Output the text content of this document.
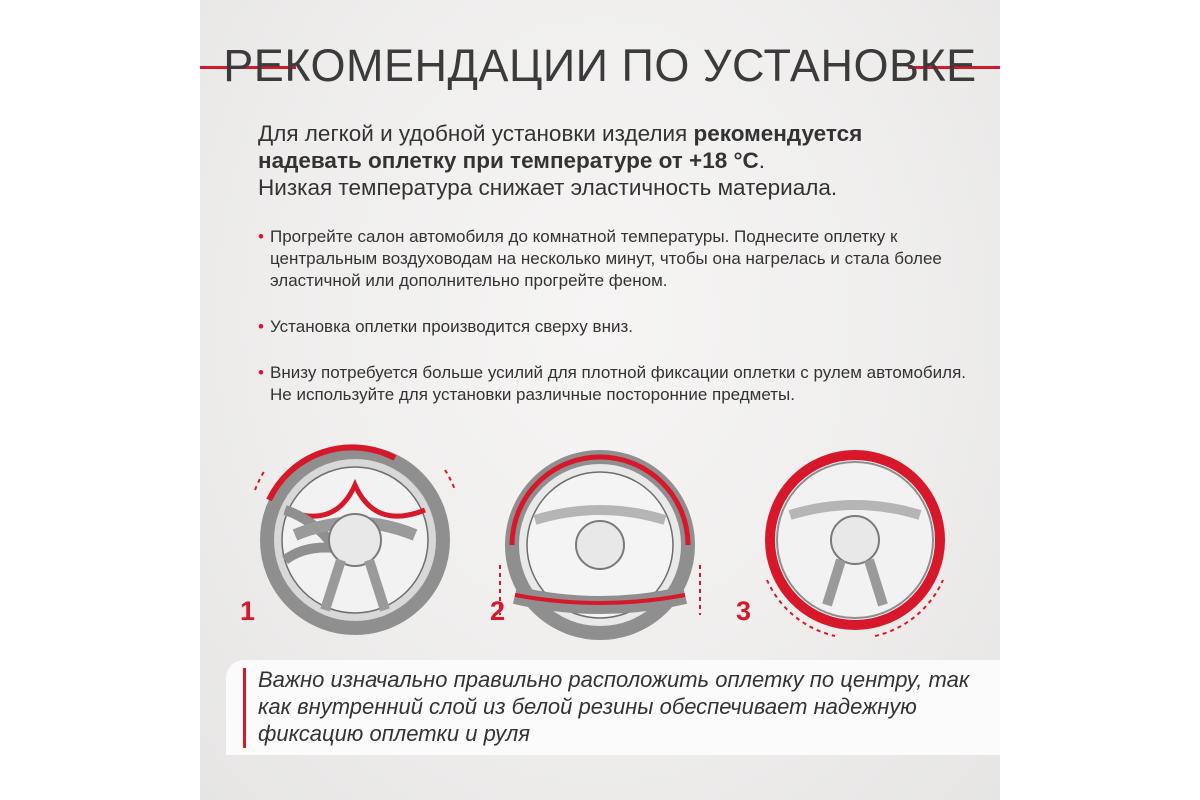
РЕКОМЕНДАЦИИ ПО УСТАНОВКЕ
Для легкой и удобной установки изделия рекомендуется надевать оплетку при температуре от +18 °С.
Низкая температура снижает эластичность материала.
• Прогрейте салон автомобиля до комнатной температуры. Поднесите оплетку к центральным воздуховодам на несколько минут, чтобы она нагрелась и стала более эластичной или дополнительно прогрейте феном.
• Установка оплетки производится сверху вниз.
• Внизу потребуется больше усилий для плотной фиксации оплетки с рулем автомобиля. Не используйте для установки различные посторонние предметы.
1	2	3
Важно изначально правильно расположить оплетку по центру, так как внутренний слой из белой резины обеспечивает надежную фиксацию оплетки и руля
